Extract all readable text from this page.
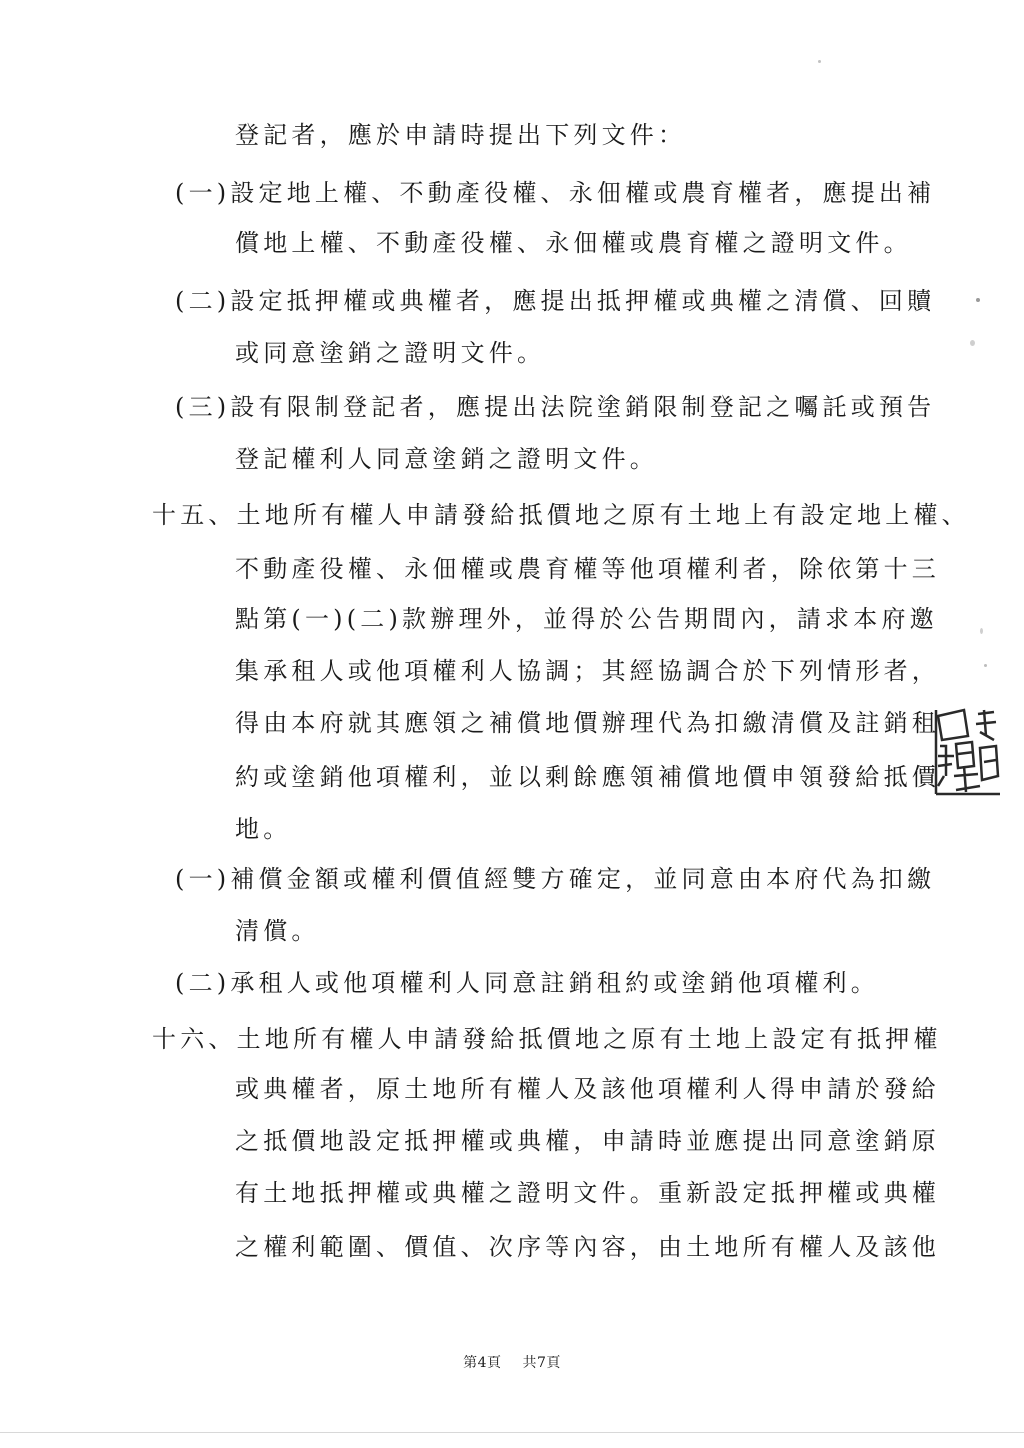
登記者，應於申請時提出下列文件：
(一)設定地上權、不動產役權、永佃權或農育權者，應提出補
償地上權、不動產役權、永佃權或農育權之證明文件。
(二)設定抵押權或典權者，應提出抵押權或典權之清償、回贖
或同意塗銷之證明文件。
(三)設有限制登記者，應提出法院塗銷限制登記之囑託或預告
登記權利人同意塗銷之證明文件。
十五、土地所有權人申請發給抵價地之原有土地上有設定地上權、
不動產役權、永佃權或農育權等他項權利者，除依第十三
點第(一)(二)款辦理外，並得於公告期間內，請求本府邀
集承租人或他項權利人協調；其經協調合於下列情形者，
得由本府就其應領之補償地價辦理代為扣繳清償及註銷租
約或塗銷他項權利，並以剩餘應領補償地價申領發給抵價
地。
(一)補償金額或權利價值經雙方確定，並同意由本府代為扣繳
清償。
(二)承租人或他項權利人同意註銷租約或塗銷他項權利。
十六、土地所有權人申請發給抵價地之原有土地上設定有抵押權
或典權者，原土地所有權人及該他項權利人得申請於發給
之抵價地設定抵押權或典權，申請時並應提出同意塗銷原
有土地抵押權或典權之證明文件。重新設定抵押權或典權
之權利範圍、價值、次序等內容，由土地所有權人及該他
第4頁 共7頁
